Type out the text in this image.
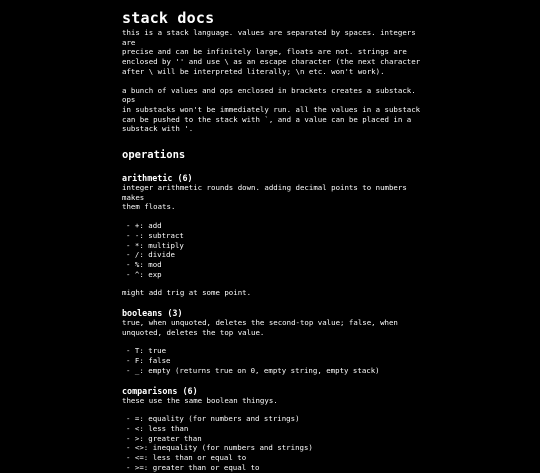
stack docs

this is a stack language. values are separated by spaces. integers are
precise and can be infinitely large, floats are not. strings are
enclosed by '' and use \ as an escape character (the next character
after \ will be interpreted literally; \n etc. won't work).

a bunch of values and ops enclosed in brackets creates a substack. ops
in substacks won't be immediately run. all the values in a substack
can be pushed to the stack with `, and a value can be placed in a
substack with '.

operations
arithmetic (6)

integer arithmetic rounds down. adding decimal points to numbers makes
them floats.

- +: add
- -: subtract
- *: multiply
- /: divide
- %: mod
- ^: exp

might add trig at some point.

booleans (3)

true, when unquoted, deletes the second-top value; false, when
unquoted, deletes the top value.

- T: true
- F: false
- _: empty (returns true on 0, empty string, empty stack)
comparisons (6)

these use the same boolean thingys.

- =: equality (for numbers and strings)
- <: less than
- >: greater than
- <>: inequality (for numbers and strings)
- <=: less than or equal to
- >=: greater than or equal to
